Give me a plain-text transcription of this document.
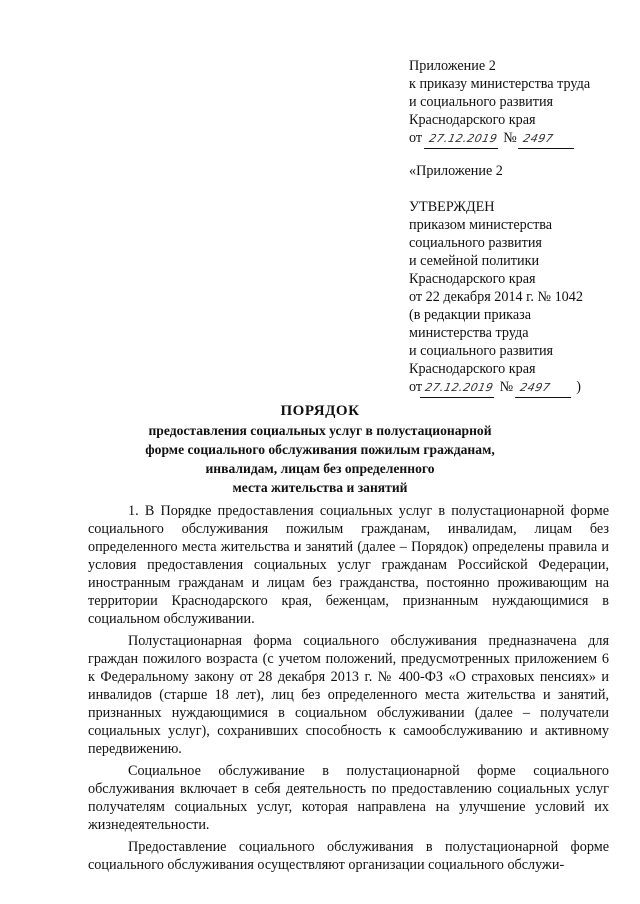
Приложение 2
к приказу министерства труда
и социального развития
Краснодарского края
от 27.12.2019 № 2497
«Приложение 2
УТВЕРЖДЕН
приказом министерства
социального развития
и семейной политики
Краснодарского края
от 22 декабря 2014 г. № 1042
(в редакции приказа
министерства труда
и социального развития
Краснодарского края
от 27.12.2019 № 2497 )
ПОРЯДОК
предоставления социальных услуг в полустационарной
форме социального обслуживания пожилым гражданам,
инвалидам, лицам без определенного
места жительства и занятий

1. В Порядке предоставления социальных услуг в полустационарной форме социального обслуживания пожилым гражданам, инвалидам, лицам без определенного места жительства и занятий (далее – Порядок) определены правила и условия предоставления социальных услуг гражданам Российской Федерации, иностранным гражданам и лицам без гражданства, постоянно проживающим на территории Краснодарского края, беженцам, признанным нуждающимися в социальном обслуживании.

Полустационарная форма социального обслуживания предназначена для граждан пожилого возраста (с учетом положений, предусмотренных приложением 6 к Федеральному закону от 28 декабря 2013 г. № 400-ФЗ «О страховых пенсиях» и инвалидов (старше 18 лет), лиц без определенного места жительства и занятий, признанных нуждающимися в социальном обслуживании (далее – получатели социальных услуг), сохранивших способность к самообслуживанию и активному передвижению.

Социальное обслуживание в полустационарной форме социального обслуживания включает в себя деятельность по предоставлению социальных услуг получателям социальных услуг, которая направлена на улучшение условий их жизнедеятельности.

Предоставление социального обслуживания в полустационарной форме социального обслуживания осуществляют организации социального обслужи-
